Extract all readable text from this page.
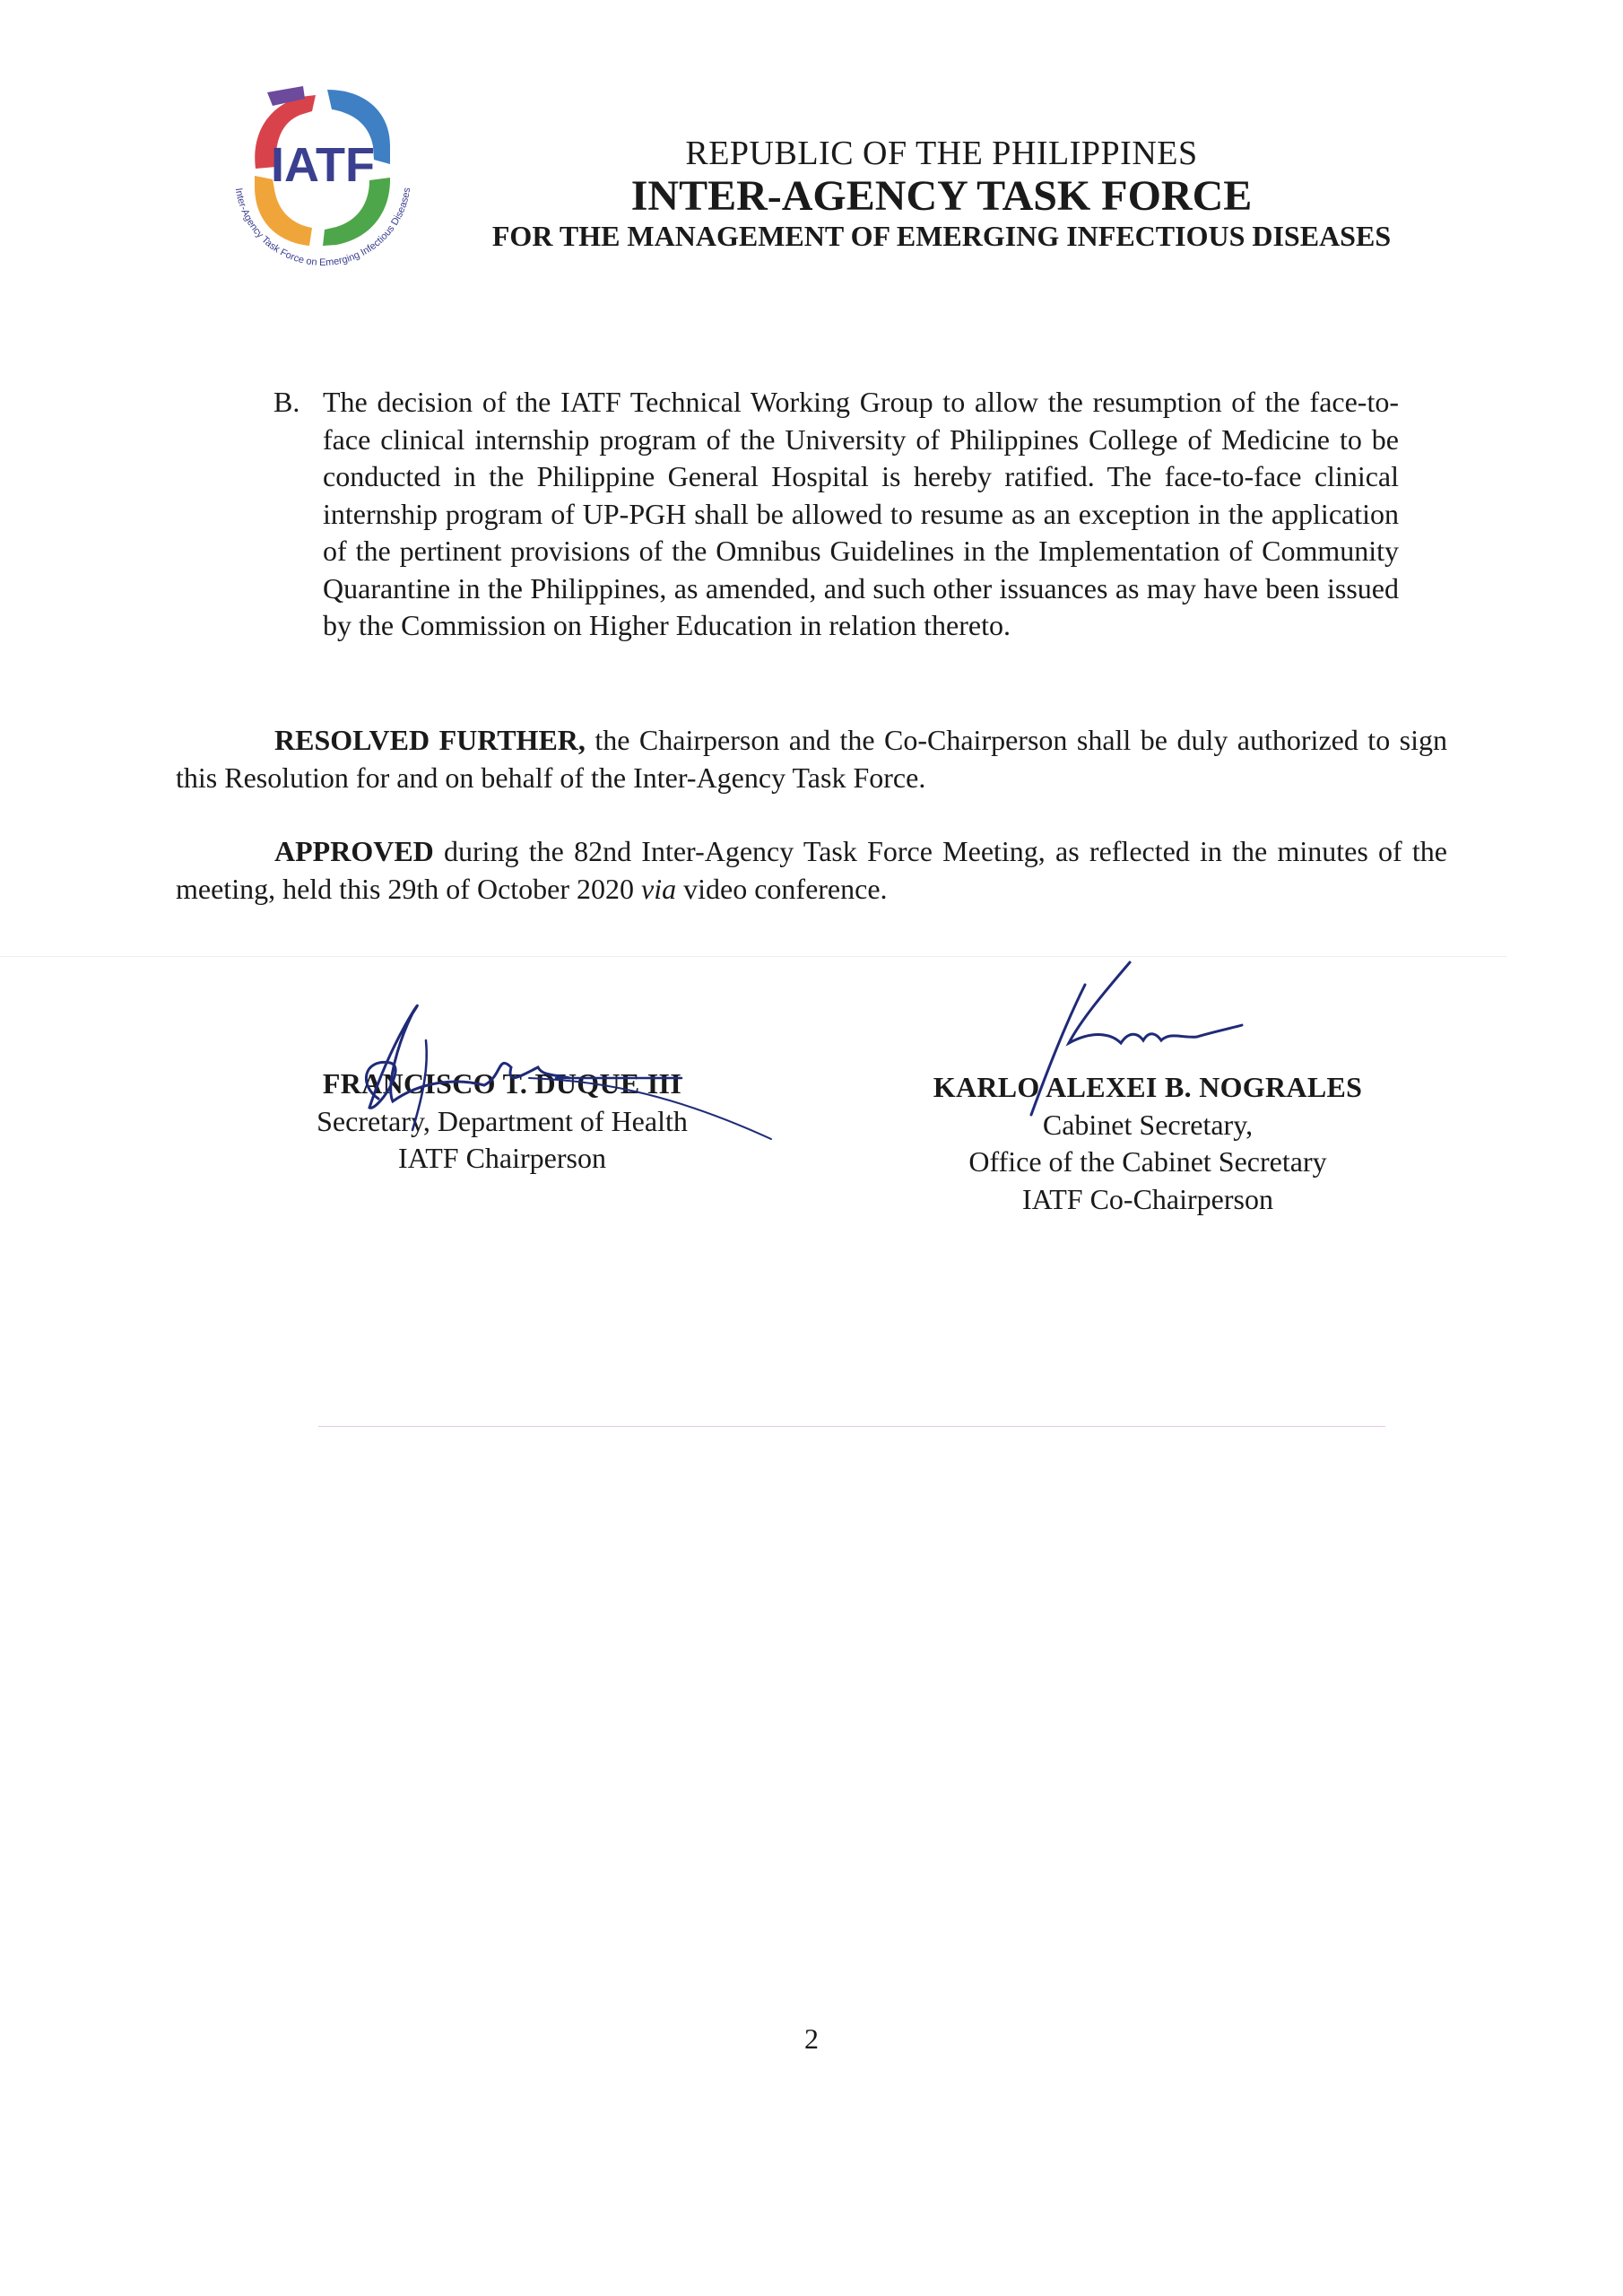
IATF
Inter-Agency Task Force on Emerging Infectious Diseases
REPUBLIC OF THE PHILIPPINES
INTER-AGENCY TASK FORCE
FOR THE MANAGEMENT OF EMERGING INFECTIOUS DISEASES
B. The decision of the IATF Technical Working Group to allow the resumption of the face-to-face clinical internship program of the University of Philippines College of Medicine to be conducted in the Philippine General Hospital is hereby ratified. The face-to-face clinical internship program of UP-PGH shall be allowed to resume as an exception in the application of the pertinent provisions of the Omnibus Guidelines in the Implementation of Community Quarantine in the Philippines, as amended, and such other issuances as may have been issued by the Commission on Higher Education in relation thereto.
RESOLVED FURTHER, the Chairperson and the Co-Chairperson shall be duly authorized to sign this Resolution for and on behalf of the Inter-Agency Task Force.
APPROVED during the 82nd Inter-Agency Task Force Meeting, as reflected in the minutes of the meeting, held this 29th of October 2020 via video conference.
FRANCISCO T. DUQUE III
Secretary, Department of Health
IATF Chairperson
KARLO ALEXEI B. NOGRALES
Cabinet Secretary,
Office of the Cabinet Secretary
IATF Co-Chairperson
2
